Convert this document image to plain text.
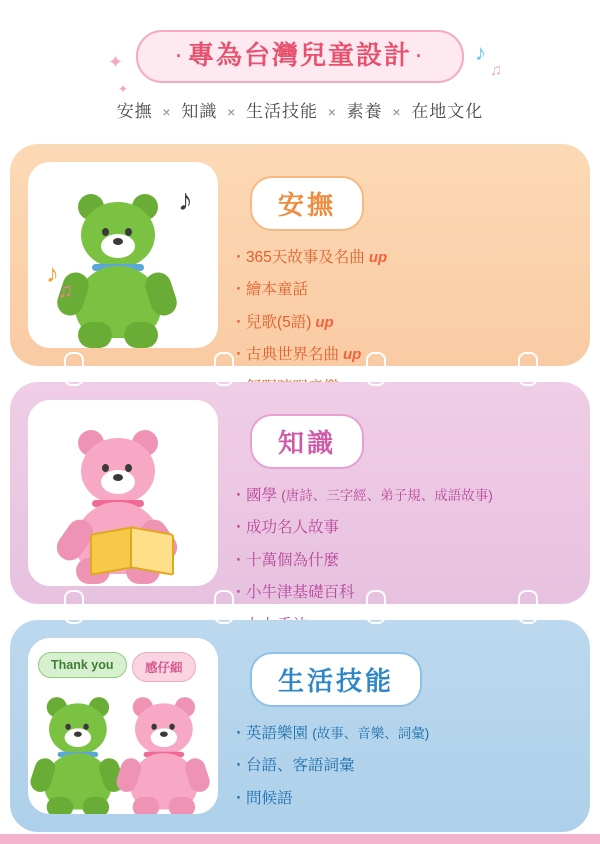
✦
✦
♪
♫
· 專為台灣兒童設計 ·
安撫 × 知識 × 生活技能 × 素養 × 在地文化
♪
♫
♪	安撫
‧ 365天故事及名曲 up
‧ 繪本童話
‧ 兒歌(5語) up
‧ 古典世界名曲 up
知識
‧ 國學 (唐詩、三字經、弟子規、成語故事)
‧ 成功名人故事
‧ 十萬個為什麼
‧ 小牛津基礎百科
Thank you	感仔細	生活技能
‧ 英語樂園 (故事、音樂、詞彙)
‧ 台語、客語詞彙
‧ 問候語
